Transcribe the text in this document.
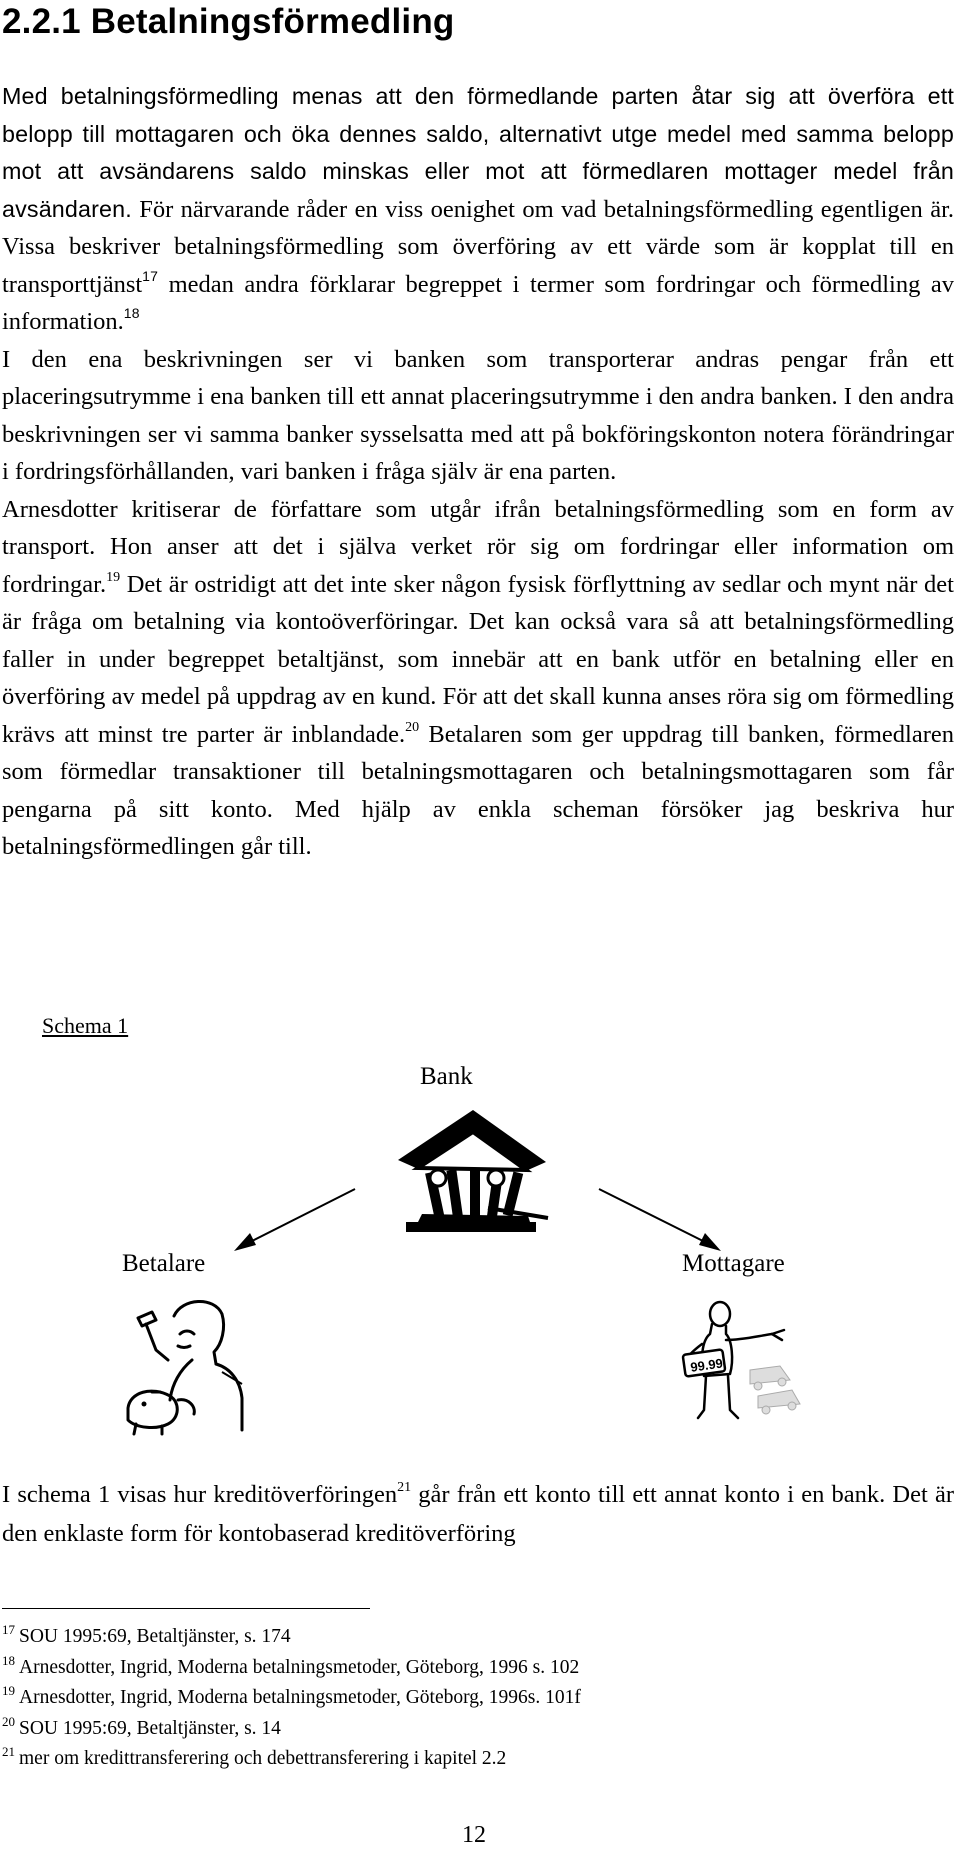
2.2.1 Betalningsförmedling

Med betalningsförmedling menas att den förmedlande parten åtar sig att överföra ett belopp till mottagaren och öka dennes saldo, alternativt utge medel med samma belopp mot att avsändarens saldo minskas eller mot att förmedlaren mottager medel från avsändaren. För närvarande råder en viss oenighet om vad betalningsförmedling egentligen är. Vissa beskriver betalningsförmedling som överföring av ett värde som är kopplat till en transporttjänst$^{17}$ medan andra förklarar begreppet i termer som fordringar och förmedling av information.$^{18}$

I den ena beskrivningen ser vi banken som transporterar andras pengar från ett placeringsutrymme i ena banken till ett annat placeringsutrymme i den andra banken. I den andra beskrivningen ser vi samma banker sysselsatta med att på bokföringskonton notera förändringar i fordringsförhållanden, vari banken i fråga själv är ena parten.

Arnesdotter kritiserar de författare som utgår ifrån betalningsförmedling som en form av transport. Hon anser att det i själva verket rör sig om fordringar eller information om fordringar.$^{19}$ Det är ostridigt att det inte sker någon fysisk förflyttning av sedlar och mynt när det är fråga om betalning via kontoöverföringar. Det kan också vara så att betalningsförmedling faller in under begreppet betaltjänst, som innebär att en bank utför en betalning eller en överföring av medel på uppdrag av en kund. För att det skall kunna anses röra sig om förmedling krävs att minst tre parter är inblandade.$^{20}$ Betalaren som ger uppdrag till banken, förmedlaren som förmedlar transaktioner till betalningsmottagaren och betalningsmottagaren som får pengarna på sitt konto. Med hjälp av enkla scheman försöker jag beskriva hur betalningsförmedlingen går till.

Schema 1
Bank
Betalare	Mottagare
99.99

I schema 1 visas hur kreditöverföringen$^{21}$ går från ett konto till ett annat konto i en bank. Det är den enklaste form för kontobaserad kreditöverföring

$^{17}$ SOU 1995:69, Betaltjänster, s. 174
$^{18}$ Arnesdotter, Ingrid, Moderna betalningsmetoder, Göteborg, 1996 s. 102
$^{19}$ Arnesdotter, Ingrid, Moderna betalningsmetoder, Göteborg, 1996s. 101f
$^{20}$ SOU 1995:69, Betaltjänster, s. 14
$^{21}$ mer om kredittransferering och debettransferering i kapitel 2.2
12
